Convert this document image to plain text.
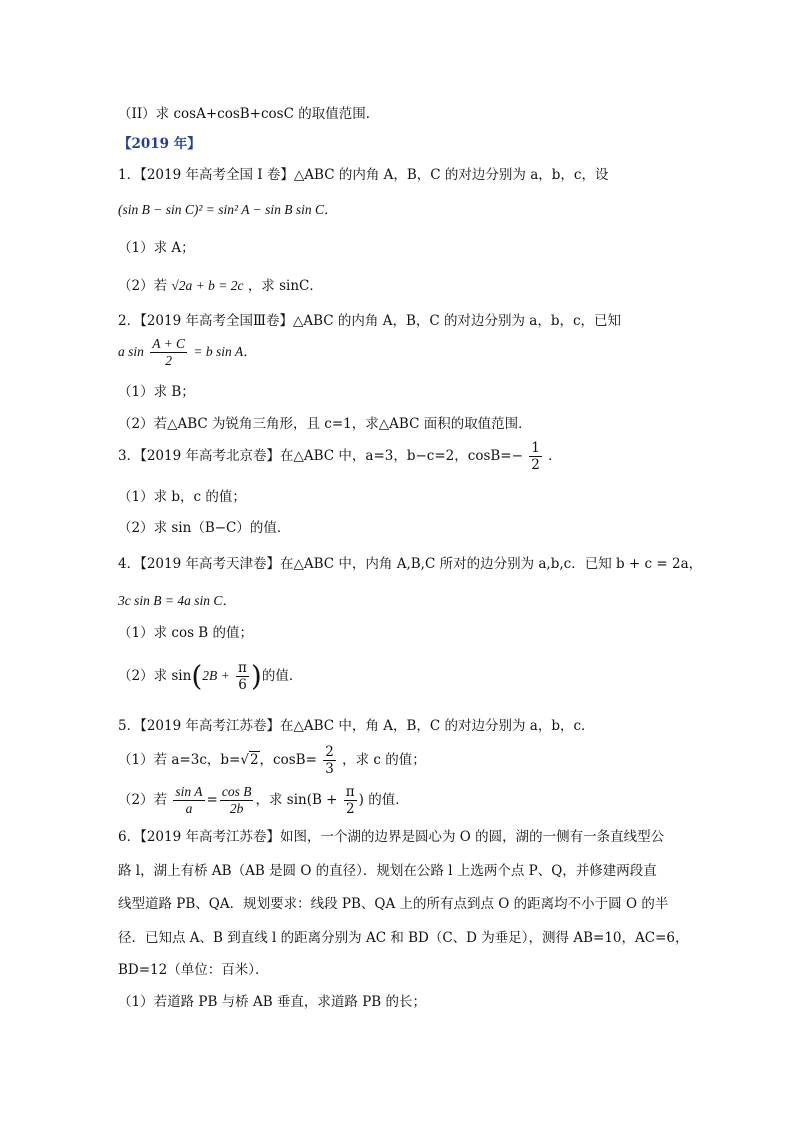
（II）求 cosA+cosB+cosC 的取值范围．
【2019 年】
1．【2019 年高考全国 I 卷】△ABC 的内角 A，B，C 的对边分别为 a，b，c，设
(sin B − sin C)² = sin² A − sin B sin C．
（1）求 A；
（2）若 √2a + b = 2c ，求 sinC．
2．【2019 年高考全国Ⅲ卷】△ABC 的内角 A，B，C 的对边分别为 a，b，c，已知
a $\sin \frac{A + C}{2} = b$ sin A．
（1）求 B；
（2）若△ABC 为锐角三角形，且 c=1，求△ABC 面积的取值范围．
3．【2019 年高考北京卷】在△ABC 中，a=3，b−c=2，$\cos B=- \frac{1}{2}$ ．
（1）求 b，c 的值；
（2）求 sin（B−C）的值．
4．【2019 年高考天津卷】在△ABC 中，内角 A,B,C 所对的边分别为 a,b,c．已知 b + c = 2a，
3c sin B = 4a sin C．
（1）求 cos B 的值；
（2）求 $\sin(2B + \frac{\pi}{6}$ )的值．
5．【2019 年高考江苏卷】在△ABC 中，角 A，B，C 的对边分别为 a，b，c．
（1）若 a=3c，b=√2，$\cos B= \frac{2}{3}$ ，求 c 的值；
（2）若 $\frac{\text{sin A}}{a} = \frac{\text{cos B}}{2b}$ ，求 $\sin(B + \frac{\pi}{2}$ ) 的值．
6．【2019 年高考江苏卷】如图，一个湖的边界是圆心为 O 的圆，湖的一侧有一条直线型公
路 l，湖上有桥 AB（AB 是圆 O 的直径）．规划在公路 l 上选两个点 P、Q，并修建两段直
线型道路 PB、QA．规划要求：线段 PB、QA 上的所有点到点 O 的距离均不小于圆 O 的半
径．已知点 A、B 到直线 l 的距离分别为 AC 和 BD（C、D 为垂足），测得 AB=10，AC=6，
BD=12（单位：百米）．
（1）若道路 PB 与桥 AB 垂直，求道路 PB 的长；
